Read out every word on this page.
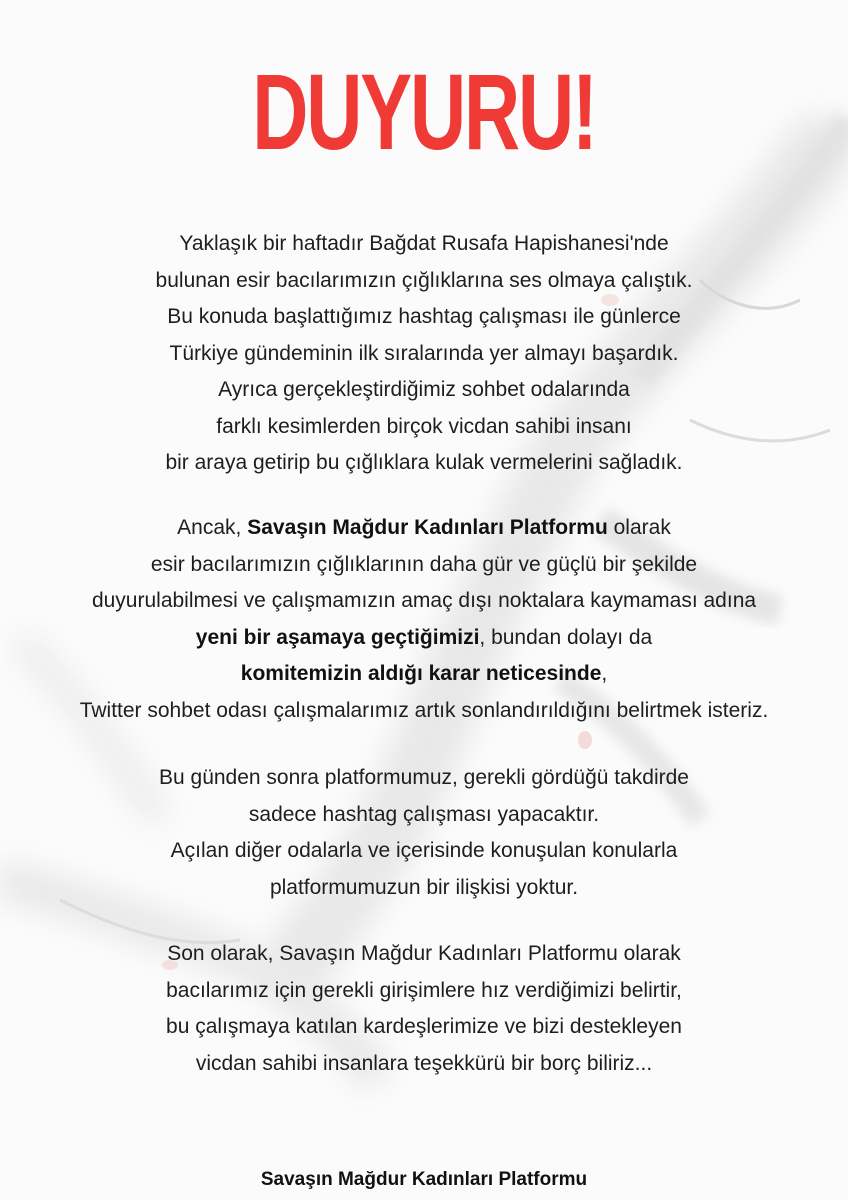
DUYURU!
Yaklaşık bir haftadır Bağdat Rusafa Hapishanesi'nde
bulunan esir bacılarımızın çığlıklarına ses olmaya çalıştık.
Bu konuda başlattığımız hashtag çalışması ile günlerce
Türkiye gündeminin ilk sıralarında yer almayı başardık.
Ayrıca gerçekleştirdiğimiz sohbet odalarında
farklı kesimlerden birçok vicdan sahibi insanı
bir araya getirip bu çığlıklara kulak vermelerini sağladık.
Ancak, Savaşın Mağdur Kadınları Platformu olarak
esir bacılarımızın çığlıklarının daha gür ve güçlü bir şekilde
duyurulabilmesi ve çalışmamızın amaç dışı noktalara kaymaması adına
yeni bir aşamaya geçtiğimizi, bundan dolayı da
komitemizin aldığı karar neticesinde,
Twitter sohbet odası çalışmalarımız artık sonlandırıldığını belirtmek isteriz.
Bu günden sonra platformumuz, gerekli gördüğü takdirde
sadece hashtag çalışması yapacaktır.
Açılan diğer odalarla ve içerisinde konuşulan konularla
platformumuzun bir ilişkisi yoktur.
Son olarak, Savaşın Mağdur Kadınları Platformu olarak
bacılarımız için gerekli girişimlere hız verdiğimizi belirtir,
bu çalışmaya katılan kardeşlerimize ve bizi destekleyen
vicdan sahibi insanlara teşekkürü bir borç biliriz...

Savaşın Mağdur Kadınları Platformu
